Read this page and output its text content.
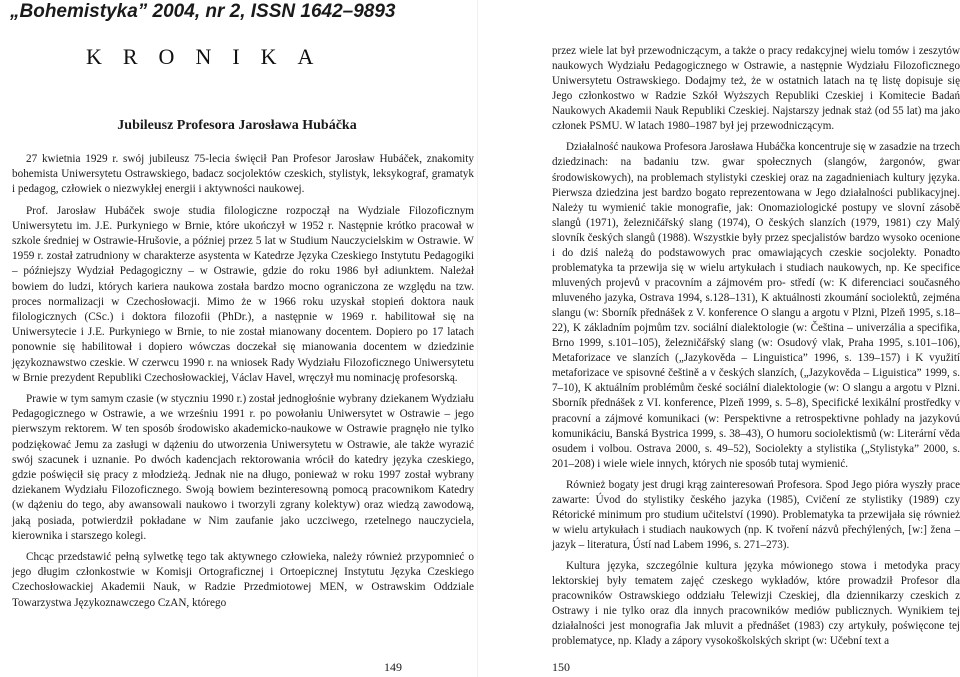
„Bohemistyka” 2004, nr 2, ISSN 1642–9893
KRONIKA
Jubileusz Profesora Jarosława Hubáčka

27 kwietnia 1929 r. swój jubileusz 75-lecia święcił Pan Profesor Jarosław Hubáček, znakomity bohemista Uniwersytetu Ostrawskiego, badacz socjolektów czeskich, stylistyk, leksykograf, gramatyk i pedagog, człowiek o niezwykłej energii i aktywności naukowej.

Prof. Jarosław Hubáček swoje studia filologiczne rozpoczął na Wydziale Filozoficznym Uniwersytetu im. J.E. Purkyniego w Brnie, które ukończył w 1952 r. Następnie krótko pracował w szkole średniej w Ostrawie-Hrušovie, a później przez 5 lat w Studium Nauczycielskim w Ostrawie. W 1959 r. został zatrudniony w charakterze asystenta w Katedrze Języka Czeskiego Instytutu Pedagogiki – późniejszy Wydział Pedagogiczny – w Ostrawie, gdzie do roku 1986 był adiunktem. Należał bowiem do ludzi, których kariera naukowa została bardzo mocno ograniczona ze względu na tzw. proces normalizacji w Czechosłowacji. Mimo że w 1966 roku uzyskał stopień doktora nauk filologicznych (CSc.) i doktora filozofii (PhDr.), a następnie w 1969 r. habilitował się na Uniwersytecie i J.E. Purkyniego w Brnie, to nie został mianowany docentem. Dopiero po 17 latach ponownie się habilitował i dopiero wówczas doczekał się mianowania docentem w dziedzinie językoznawstwo czeskie. W czerwcu 1990 r. na wniosek Rady Wydziału Filozoficznego Uniwersytetu w Brnie prezydent Republiki Czechosłowackiej, Václav Havel, wręczył mu nominację profesorską.

Prawie w tym samym czasie (w styczniu 1990 r.) został jednogłośnie wybrany dziekanem Wydziału Pedagogicznego w Ostrawie, a we wrześniu 1991 r. po powołaniu Uniwersytet w Ostrawie – jego pierwszym rektorem. W ten sposób środowisko akademicko-naukowe w Ostrawie pragnęło nie tylko podziękować Jemu za zasługi w dążeniu do utworzenia Uniwersytetu w Ostrawie, ale także wyrazić swój szacunek i uznanie. Po dwóch kadencjach rektorowania wrócił do katedry języka czeskiego, gdzie poświęcił się pracy z młodzieżą. Jednak nie na długo, ponieważ w roku 1997 został wybrany dziekanem Wydziału Filozoficznego. Swoją bowiem bezinteresowną pomocą pracownikom Katedry (w dążeniu do tego, aby awansowali naukowo i tworzyli zgrany kolektyw) oraz wiedzą zawodową, jaką posiada, potwierdził pokładane w Nim zaufanie jako uczciwego, rzetelnego nauczyciela, kierownika i starszego kolegi.

Chcąc przedstawić pełną sylwetkę tego tak aktywnego człowieka, należy również przypomnieć o jego długim członkostwie w Komisji Ortograficznej i Ortoepicznej Instytutu Języka Czeskiego Czechosłowackiej Akademii Nauk, w Radzie Przedmiotowej MEN, w Ostrawskim Oddziale Towarzystwa Językoznawczego CzAN, którego

przez wiele lat był przewodniczącym, a także o pracy redakcyjnej wielu tomów i zeszytów naukowych Wydziału Pedagogicznego w Ostrawie, a następnie Wydziału Filozoficznego Uniwersytetu Ostrawskiego. Dodajmy też, że w ostatnich latach na tę listę dopisuje się Jego członkostwo w Radzie Szkół Wyższych Republiki Czeskiej i Komitecie Badań Naukowych Akademii Nauk Republiki Czeskiej. Najstarszy jednak staż (od 55 lat) ma jako członek PSMU. W latach 1980–1987 był jej przewodniczącym.

Działalność naukowa Profesora Jarosława Hubáčka koncentruje się w zasadzie na trzech dziedzinach: na badaniu tzw. gwar społecznych (slangów, żargonów, gwar środowiskowych), na problemach stylistyki czeskiej oraz na zagadnieniach kultury języka. Pierwsza dziedzina jest bardzo bogato reprezentowana w Jego działalności publikacyjnej. Należy tu wymienić takie monografie, jak: Onomaziologické postupy ve slovní zásobě slangů (1971), železničářský slang (1974), O českých slanzích (1979, 1981) czy Malý slovník českých slangů (1988). Wszystkie były przez specjalistów bardzo wysoko ocenione i do dziś należą do podstawowych prac omawiających czeskie socjolekty. Ponadto problematyka ta przewija się w wielu artykułach i studiach naukowych, np. Ke specifice mluvených projevů v pracovním a zájmovém pro- středí (w: K diferenciaci současného mluveného jazyka, Ostrava 1994, s.128–131), K aktuálnosti zkoumání sociolektů, zejména slangu (w: Sborník přednášek z V. konference O slangu a argotu v Plzni, Plzeň 1995, s.18–22), K základním pojmům tzv. sociální dialektologie (w: Čeština – univerzália a specifika, Brno 1999, s.101–105), železničářský slang (w: Osudový vlak, Praha 1995, s.101–106), Metaforizace ve slanzích („Jazykověda – Linguistica” 1996, s. 139–157) i K využití metaforizace ve spisovné češtině a v českých slanzích, („Jazykověda – Liguistica” 1999, s. 7–10), K aktuálním problémům české sociální dialektologie (w: O slangu a argotu v Plzni. Sborník přednášek z VI. konference, Plzeň 1999, s. 5–8), Specifické lexikální prostředky v pracovní a zájmové komunikaci (w: Perspektivne a retrospektivne pohlady na jazykovú komunikáciu, Banská Bystrica 1999, s. 38–43), O humoru sociolektismů (w: Literární věda osudem i volbou. Ostrava 2000, s. 49–52), Sociolekty a stylistika („Stylistyka” 2000, s. 201–208) i wiele wiele innych, których nie sposób tutaj wymienić.

Również bogaty jest drugi krąg zainteresowań Profesora. Spod Jego pióra wyszły prace zawarte: Úvod do stylistiky českého jazyka (1985), Cvičení ze stylistiky (1989) czy Rétorické minimum pro studium učitelství (1990). Problematyka ta przewijała się również w wielu artykułach i studiach naukowych (np. K tvoření názvů přechýlených, [w:] žena – jazyk – literatura, Ústí nad Labem 1996, s. 271–273).

Kultura języka, szczególnie kultura języka mówionego stowa i metodyka pracy lektorskiej były tematem zajęć czeskego wykładów, które prowadził Profesor dla pracowników Ostrawskiego oddziału Telewizji Czeskiej, dla dziennikarzy czeskich z Ostrawy i nie tylko oraz dla innych pracowników mediów publicznych. Wynikiem tej działalności jest monografia Jak mluvit a přednášet (1983) czy artykuły, poświęcone tej problematyce, np. Klady a zápory vysokoškolských skript (w: Učební text a

149	150
